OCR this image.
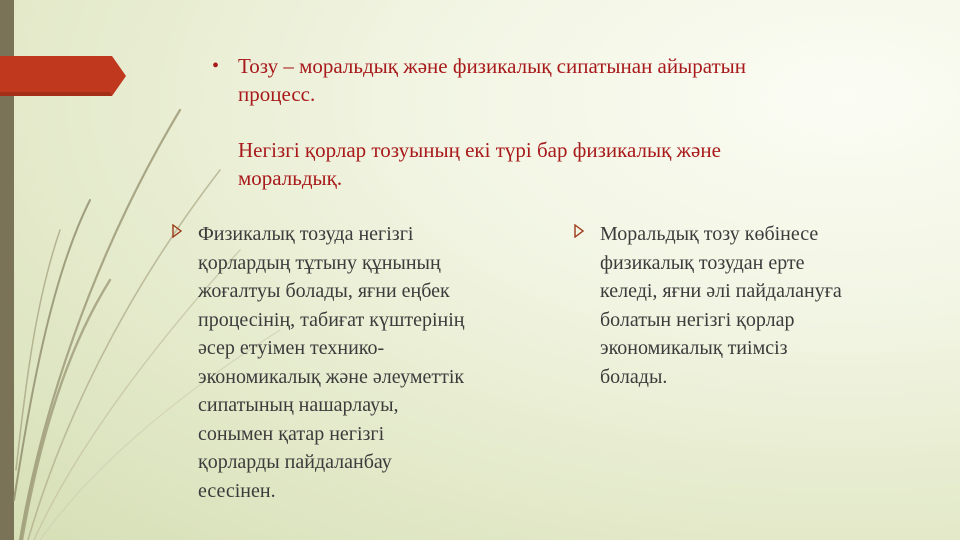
• Тозу – моральдық және физикалық сипатынан айыратын
процесс.
Негізгі қорлар тозуының екі түрі бар физикалық және
моральдық.
Физикалық тозуда негізгі
қорлардың тұтыну құнының
жоғалтуы болады, яғни еңбек
процесінің, табиғат күштерінің
әсер етуімен технико-
экономикалық және әлеуметтік
сипатының нашарлауы,
сонымен қатар негізгі
қорларды пайдаланбау
есесінен.
Моральдық тозу көбінесе
физикалық тозудан ерте
келеді, яғни әлі пайдалануға
болатын негізгі қорлар
экономикалық тиімсіз
болады.
